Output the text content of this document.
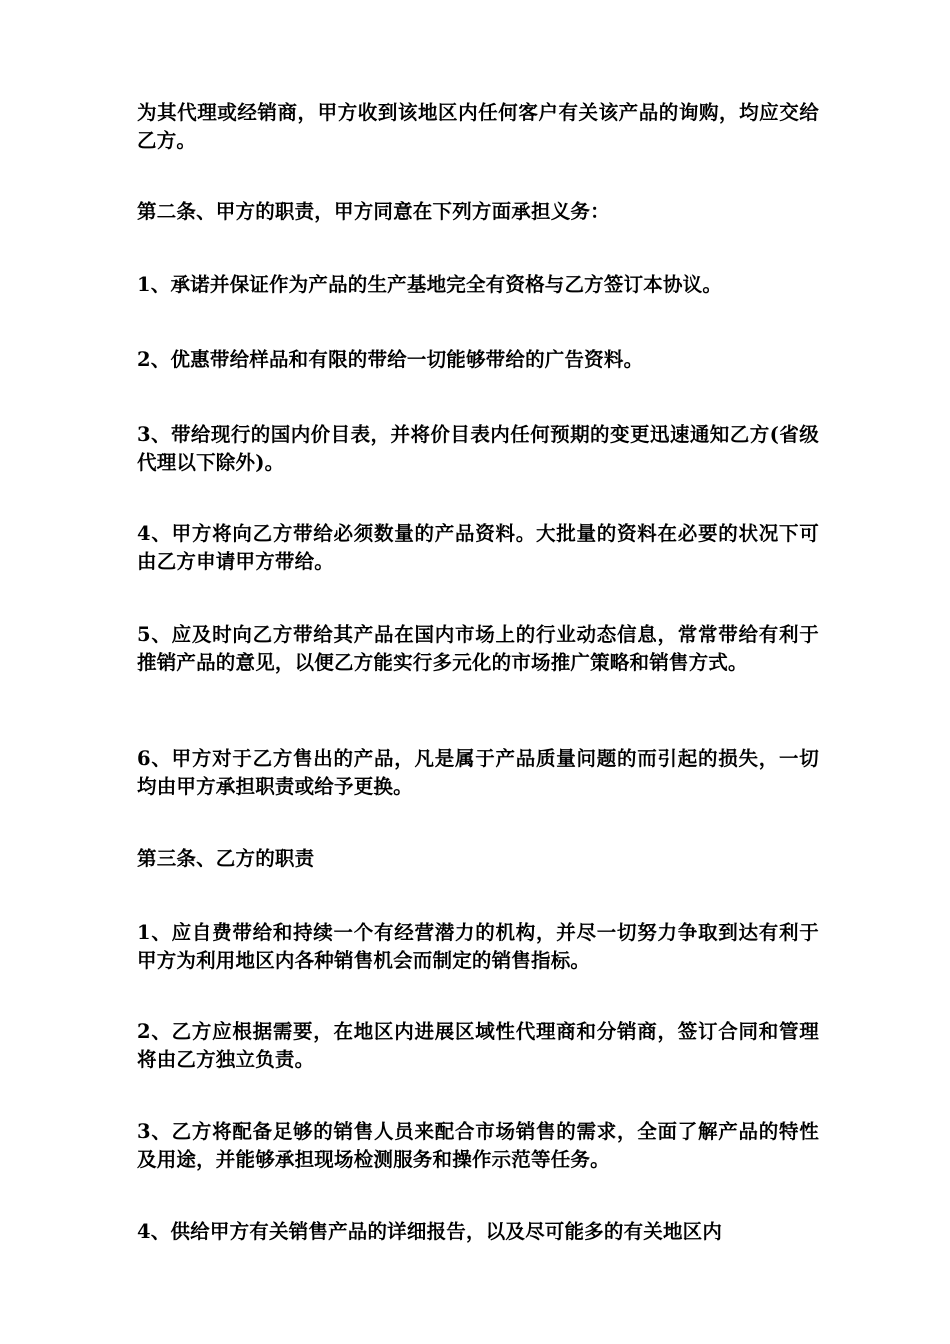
为其代理或经销商，甲方收到该地区内任何客户有关该产品的询购，均应交给乙方。

第二条、甲方的职责，甲方同意在下列方面承担义务：

1、承诺并保证作为产品的生产基地完全有资格与乙方签订本协议。

2、优惠带给样品和有限的带给一切能够带给的广告资料。

3、带给现行的国内价目表，并将价目表内任何预期的变更迅速通知乙方(省级代理以下除外)。

4、甲方将向乙方带给必须数量的产品资料。大批量的资料在必要的状况下可由乙方申请甲方带给。

5、应及时向乙方带给其产品在国内市场上的行业动态信息，常常带给有利于推销产品的意见，以便乙方能实行多元化的市场推广策略和销售方式。

6、甲方对于乙方售出的产品，凡是属于产品质量问题的而引起的损失，一切均由甲方承担职责或给予更换。

第三条、乙方的职责

1、应自费带给和持续一个有经营潜力的机构，并尽一切努力争取到达有利于甲方为利用地区内各种销售机会而制定的销售指标。

2、乙方应根据需要，在地区内进展区域性代理商和分销商，签订合同和管理将由乙方独立负责。

3、乙方将配备足够的销售人员来配合市场销售的需求，全面了解产品的特性及用途，并能够承担现场检测服务和操作示范等任务。

4、供给甲方有关销售产品的详细报告，以及尽可能多的有关地区内
